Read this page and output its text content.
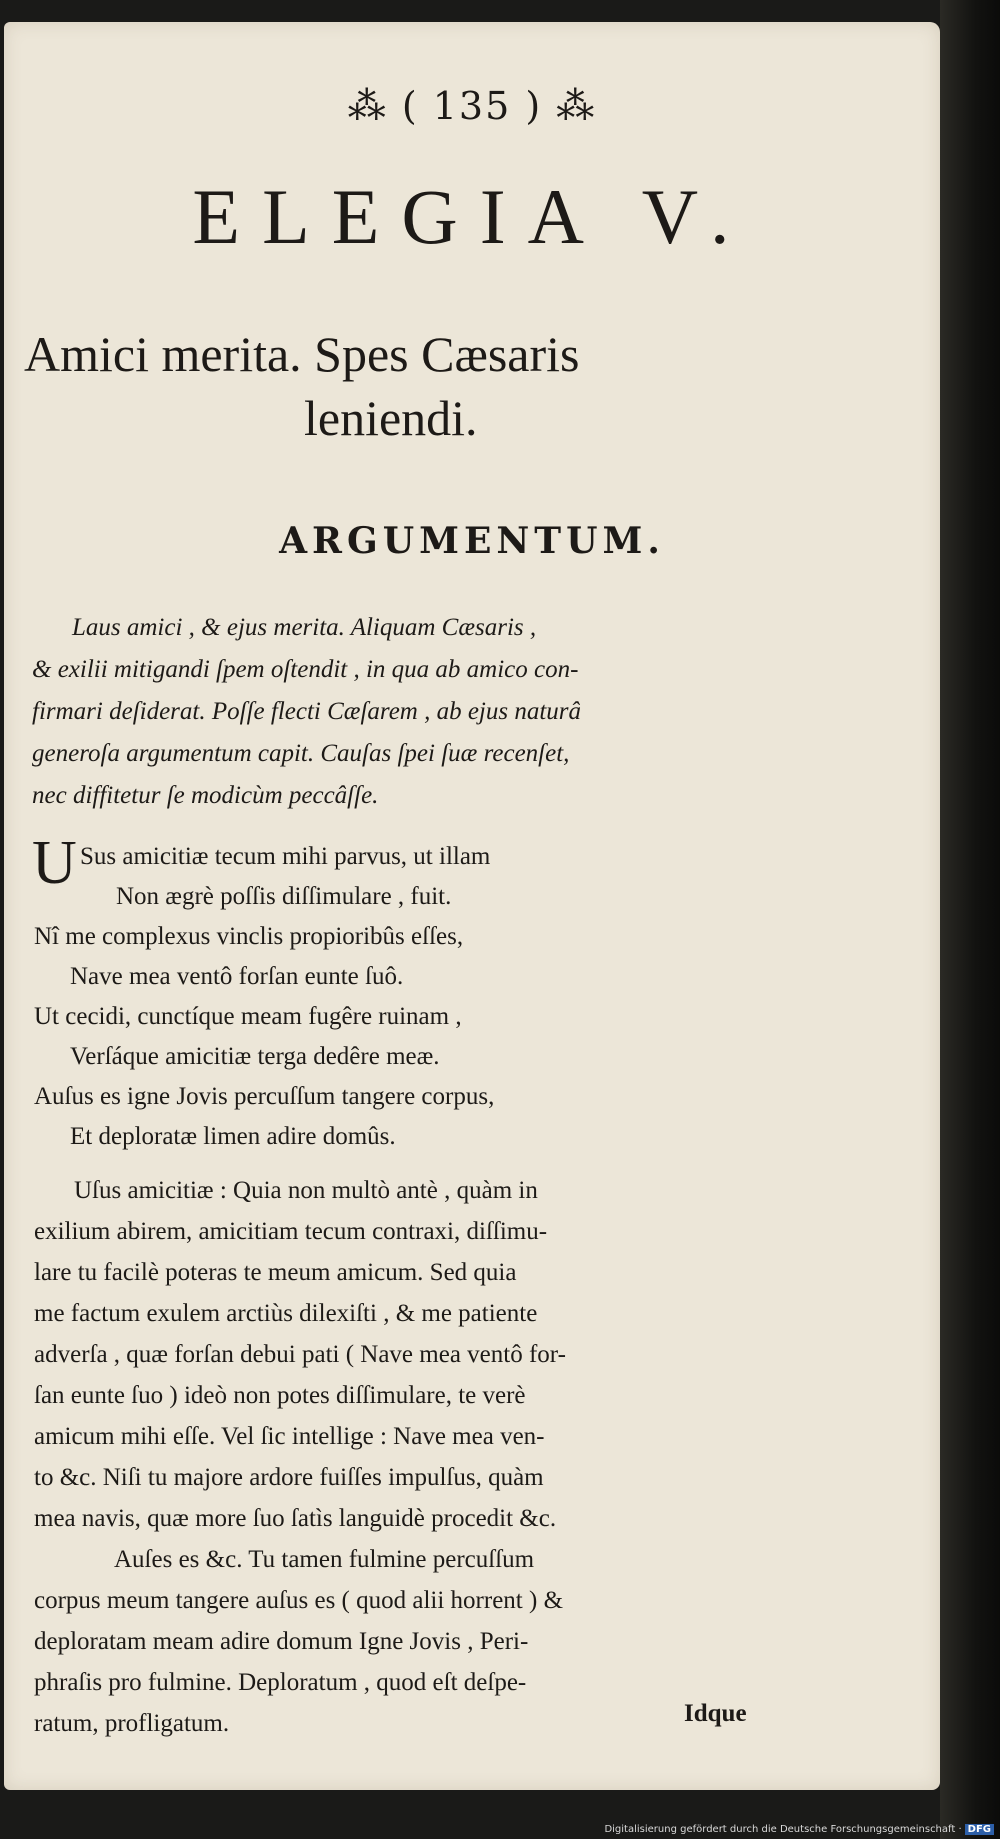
⁂ ( 135 ) ⁂
ELEGIA V.
Amici merita. Spes Cæsaris
leniendi.
ARGUMENTUM.
Laus amici , & ejus merita. Aliquam Cæsaris ,
& exilii mitigandi ſpem oſtendit , in qua ab amico con-
firmari deſiderat. Poſſe flecti Cæſarem , ab ejus naturâ
generoſa argumentum capit. Cauſas ſpei ſuæ recenſet,
nec diffitetur ſe modicùm peccâſſe.
U Sus amicitiæ tecum mihi parvus, ut illam
Non ægrè poſſis diſſimulare , fuit.
Nî me complexus vinclis propioribûs eſſes,
Nave mea ventô forſan eunte ſuô.
Ut cecidi, cunctíque meam fugêre ruinam ,
Verſáque amicitiæ terga dedêre meæ.
Auſus es igne Jovis percuſſum tangere corpus,
Et deploratæ limen adire domûs.
Uſus amicitiæ : Quia non multò antè , quàm in
exilium abirem, amicitiam tecum contraxi, diſſimu-
lare tu facilè poteras te meum amicum. Sed quia
me factum exulem arctiùs dilexiſti , & me patiente
adverſa , quæ forſan debui pati ( Nave mea ventô for-
ſan eunte ſuo ) ideò non potes diſſimulare, te verè
amicum mihi eſſe. Vel ſic intellige : Nave mea ven-
to &c. Niſi tu majore ardore fuiſſes impulſus, quàm
mea navis, quæ more ſuo ſatìs languidè procedit &c.
Auſes es &c. Tu tamen fulmine percuſſum
corpus meum tangere auſus es ( quod alii horrent ) &
deploratam meam adire domum Igne Jovis , Peri-
phraſis pro fulmine. Deploratum , quod eſt deſpe-
ratum, profligatum.	Idque
Digitalisierung gefördert durch die Deutsche Forschungsgemeinschaft · DFG
